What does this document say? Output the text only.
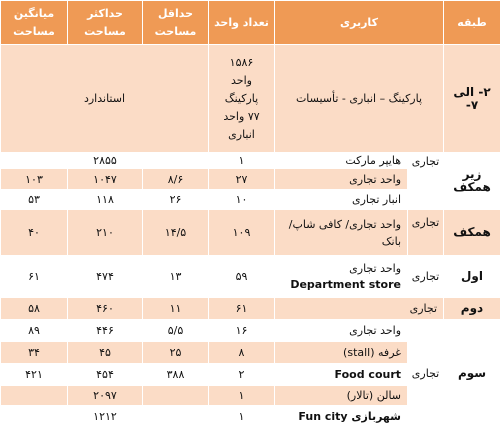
طبقه	کاربری		تعداد واحد	حداقل مساحت	حداکثر مساحت	میانگین مساحت
۲- الی ۷-	پارکینگ – انباری - تأسیسات		۱۵۸۶
واحد
پارکینگ
۷۷ واحد
انباری	استاندارد		
زیر همکف	تجاری	هایپر مارکت	۱		۲۸۵۵	
		واحد تجاری	۲۷	۸/۶	۱۰۴۷	۱۰۳
		انبار تجاری	۱۰	۲۶	۱۱۸	۵۳
همکف	تجاری	واحد تجاری/ کافی شاپ/
بانک	۱۰۹	۱۴/۵	۲۱۰	۴۰
اول	تجاری	واحد تجاری
Department store	۵۹	۱۳	۴۷۴	۶۱
دوم	تجاری		۶۱	۱۱	۴۶۰	۵۸
سوم	تجاری	واحد تجاری	۱۶	۵/۵	۴۴۶	۸۹
		غرفه (stall)	۸	۲۵	۴۵	۳۴
		Food court	۲	۳۸۸	۴۵۴	۴۲۱
		سالن (تالار)	۱		۲۰۹۷	
		شهربازی Fun city	۱		۱۲۱۲	
